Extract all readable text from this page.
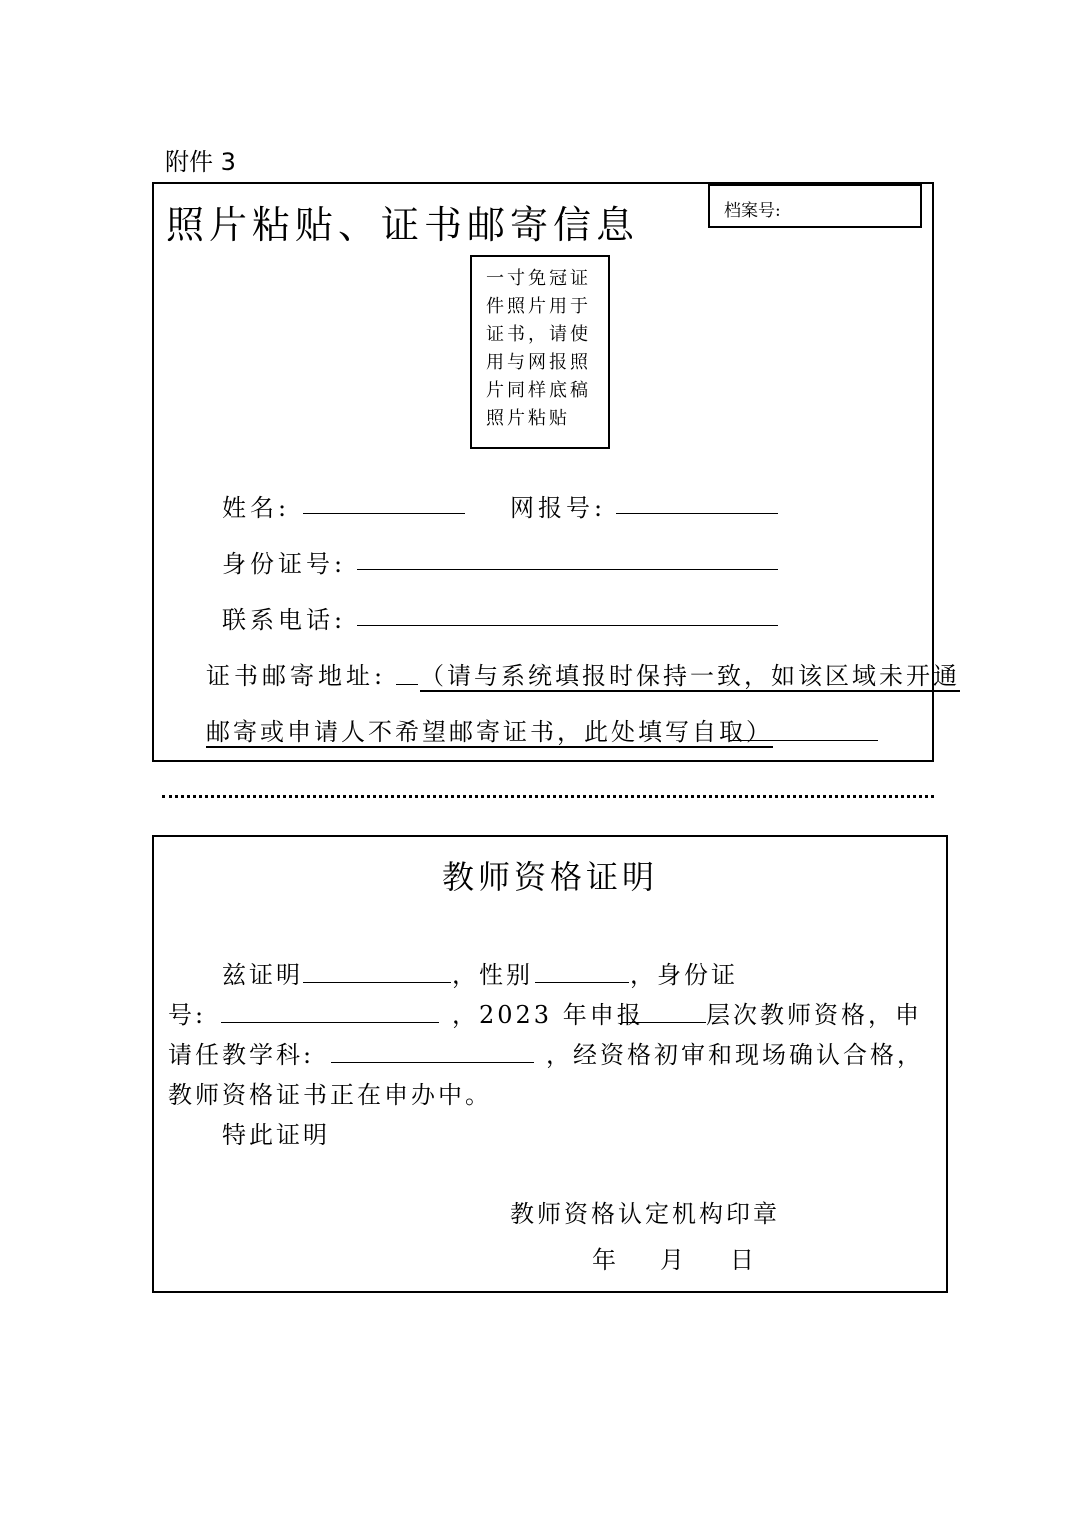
附件 3
照片粘贴、证书邮寄信息	档案号:
一寸免冠证件照片用于证书，请使用与网报照片同样底稿照片粘贴
姓名:	网报号:
身份证号:
联系电话:
证书邮寄地址: （请与系统填报时保持一致，如该区域未开通
邮寄或申请人不希望邮寄证书，此处填写自取）
教师资格证明
兹证明	，性别	，身份证
号:	，2023 年申报	层次教师资格，申
请任教学科:	，经资格初审和现场确认合格，
教师资格证书正在申办中。
特此证明
教师资格认定机构印章
年 月 日
